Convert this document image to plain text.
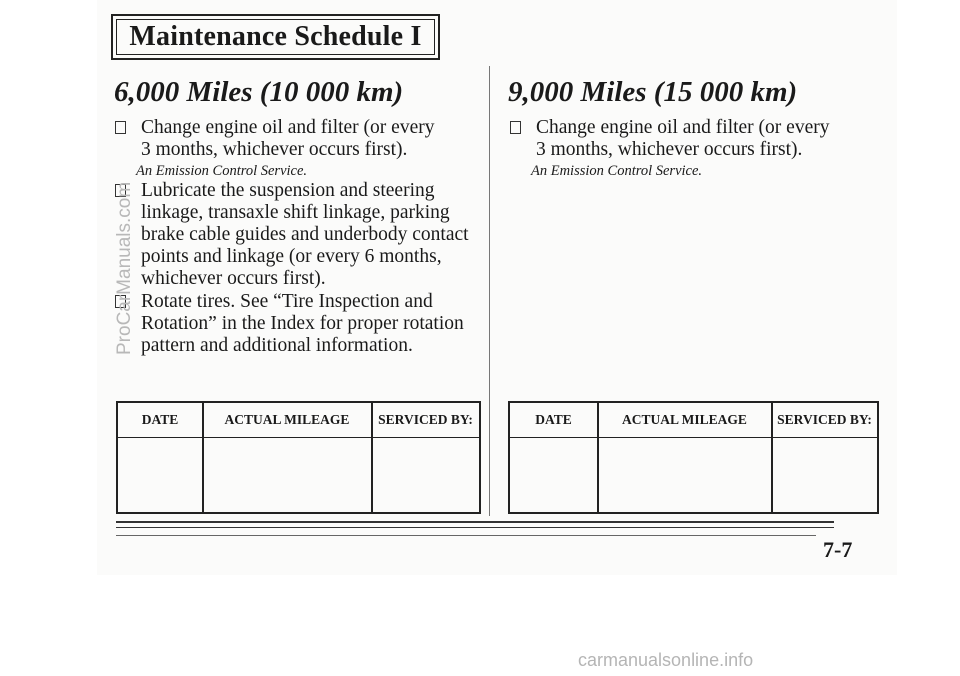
Maintenance Schedule I
6,000 Miles (10 000 km)
Change engine oil and filter (or every
3 months, whichever occurs first).
An Emission Control Service.
Lubricate the suspension and steering
linkage, transaxle shift linkage, parking
brake cable guides and underbody contact
points and linkage (or every 6 months,
whichever occurs first).
Rotate tires. See “Tire Inspection and
Rotation” in the Index for proper rotation
pattern and additional information.
9,000 Miles (15 000 km)
Change engine oil and filter (or every
3 months, whichever occurs first).
An Emission Control Service.
DATE	ACTUAL MILEAGE	SERVICED BY:	DATE	ACTUAL MILEAGE	SERVICED BY:
7-7
ProCarManuals.com
carmanualsonline.info
